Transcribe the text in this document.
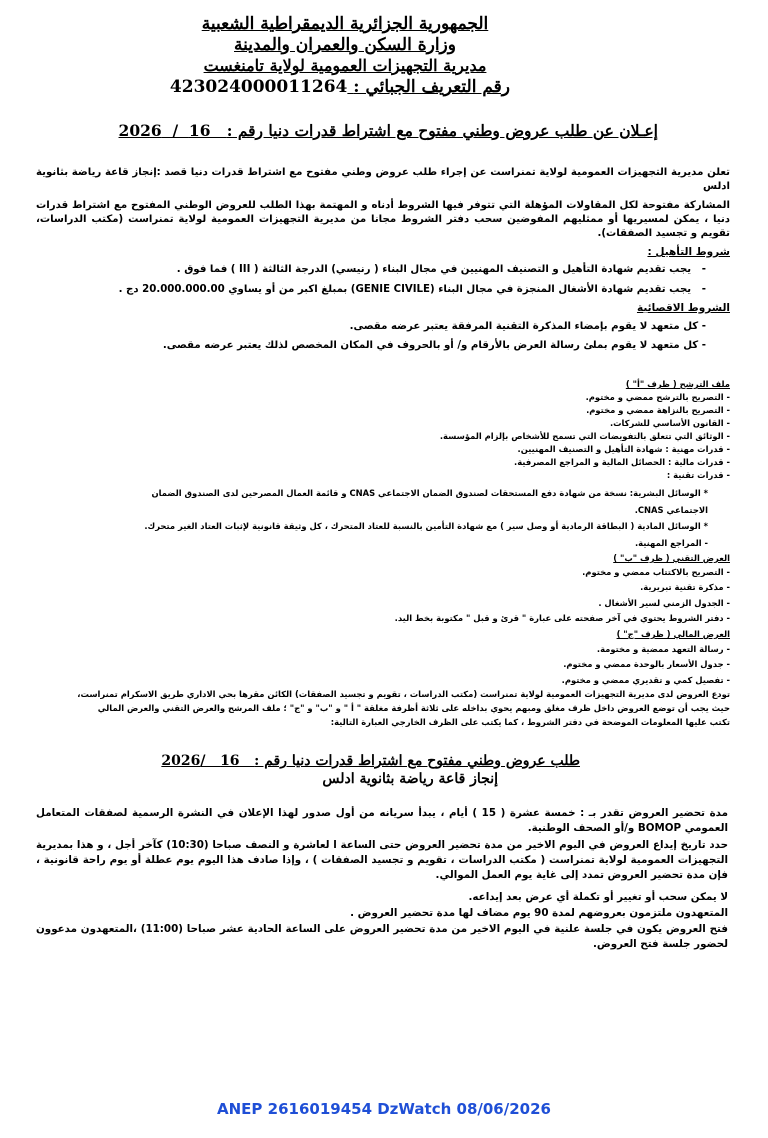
الجمهورية الجزائرية الديمقراطية الشعبية
وزارة السكن والعمران والمدينة
مديرية التجهيزات العمومية لولاية تامنغست
رقم التعريف الجبائي : 423024000011264
إعـلان عن طلب عروض وطني مفتوح مع اشتراط قدرات دنيا رقم :   16  /  2026
تعلن مديرية التجهيزات العمومية لولاية تمنراست عن إجراء طلب عروض وطني مفتوح مع اشتراط قدرات دنيا قصد :إنجاز قاعة رياضة بثانوية ادلس
المشاركة مفتوحة لكل المقاولات المؤهلة التي تتوفر فيها الشروط أدناه و المهتمة بهذا الطلب للعروض الوطني المفتوح مع اشتراط قدرات دنيا ، يمكن لمسيريها أو ممثليهم المفوضين سحب دفتر الشروط مجانا من مديرية التجهيزات العمومية لولاية تمنراست (مكتب الدراسات، تقويم و تجسيد الصفقات).
شروط التأهيل :
-   يجب تقديم شهادة التأهيل و التصنيف المهنيين في مجال البناء ( رنيسي) الدرجة الثالثة ( III ) فما فوق .
-   يجب تقديم شهادة الأشغال المنجزة في مجال البناء (GENIE CIVILE) بمبلغ اكبر من أو يساوي 20.000.000.00 دج .
الشروط الاقصائية
- كل متعهد لا يقوم بإمضاء المذكرة التقنية المرفقة يعتبر عرضه مقصى.
- كل متعهد لا يقوم بملئ رسالة العرض بالأرقام و/ أو بالحروف في المكان المخصص لذلك يعتبر عرضه مقصى.
ملف الترشح ( ظرف "أ" )
- التصريح بالترشح ممضي و مختوم.
- التصريح بالنزاهة ممضي و مختوم.
- القانون الأساسي للشركات.
- الوثائق التي تتعلق بالتفويضات التي تسمح للأشخاص بإلزام المؤسسة.
- قدرات مهنية : شهادة التأهيل و التصنيف المهنيين.
- قدرات مالية : الحصائل المالية و المراجع المصرفية.
- قدرات تقنية :
* الوسائل البشرية: نسخة من شهادة دفع المستحقات لصندوق الضمان الاجتماعي CNAS و قائمة العمال المصرحين لدى الصندوق الضمان
الاجتماعي CNAS.
* الوسائل المادية ( البطاقة الرمادية أو وصل سير ) مع شهادة التأمين بالنسبة للعتاد المتحرك ، كل وثيقة قانونية لإثبات العتاد الغير متحرك.
- المراجع المهنية.
العرض التقني ( ظرف "ب" )
- التصريح بالاكتتاب ممضي و مختوم.
- مذكرة تقنية تبريرية.
- الجدول الزمني لسير الأشغال .
- دفتر الشروط يحتوي في آخر صفحته على عبارة " قرئ و قبل " مكتوبة بخط اليد.
العرض المالي ( ظرف "ج" )
- رسالة التعهد ممضية و مختومة.
- جدول الأسعار بالوحدة ممضي و مختوم.
- تفصيل كمي و تقديري ممضي و مختوم.
تودع العروض لدى مديرية التجهيزات العمومية لولاية تمنراست (مكتب الدراسات ، تقويم و تجسيد الصفقات) الكائن مقرها بحي الاداري طريق الاسكرام تمنراست،
حيث يجب أن توضع العروض داخل ظرف مغلق ومبهم يحوي بداخله على ثلاثة أظرفة مغلقة " أ " و "ب" و "ج" ؛ ملف المرشح والعرض التقني والعرض المالي
تكتب عليها المعلومات الموضحة في دفتر الشروط ، كما يكتب على الظرف الخارجي العبارة التالية:
طلب عروض وطني مفتوح مع اشتراط قدرات دنيا رقم :   16   /2026
إنجاز قاعة رياضة بثانوية ادلس
مدة تحضير العروض تقدر بـ : خمسة عشرة ( 15 ) أيام ، يبدأ سريانه من أول صدور لهذا الإعلان في النشرة الرسمية لصفقات المتعامل العمومي BOMOP و/أو الصحف الوطنية.
حدد تاريخ إيداع العروض في اليوم الاخير من مدة تحضير العروض حتى الساعة ا لعاشرة و النصف صباحا (10:30) كآخر أجل ، و هذا بمديرية التجهيزات العمومية لولاية تمنراست ( مكتب الدراسات ، تقويم و تجسيد الصفقات ) ، وإذا صادف هذا اليوم يوم عطلة أو يوم راحة قانونية ، فإن مدة تحضير العروض تمدد إلى غاية يوم العمل الموالي.
لا يمكن سحب أو تغيير أو تكملة أي عرض بعد إيداعه.
المتعهدون ملتزمون بعروضهم لمدة 90 يوم مضاف لها مدة تحضير العروض .
فتح العروض يكون في جلسة علنية في اليوم الاخير من مدة تحضير العروض على الساعة الحادية عشر صباحا (11:00) ،المتعهدون مدعوون لحضور جلسة فتح العروض.
ANEP 2616019454 DzWatch 08/06/2026
